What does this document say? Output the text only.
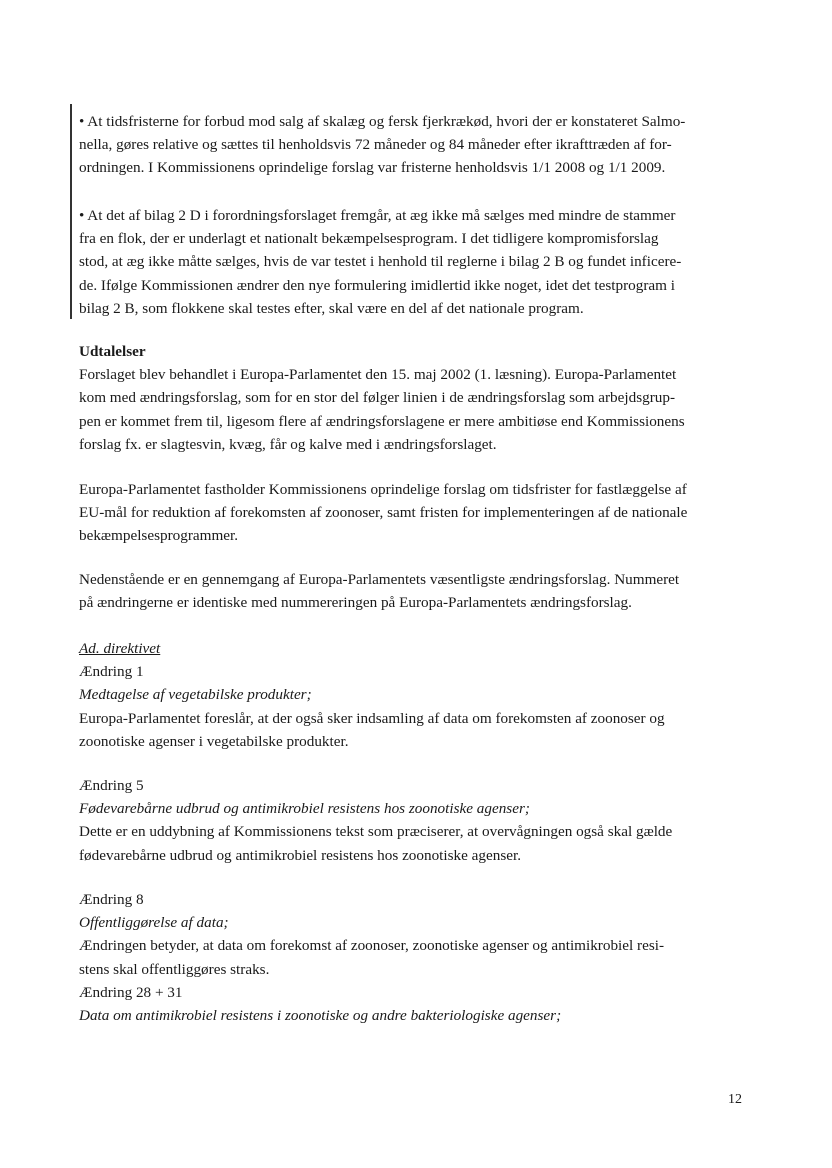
• At tidsfristerne for forbud mod salg af skalæg og fersk fjerkrækød, hvori der er konstateret Salmo-
nella, gøres relative og sættes til henholdsvis 72 måneder og 84 måneder efter ikrafttræden af for-
ordningen. I Kommissionens oprindelige forslag var fristerne henholdsvis 1/1 2008 og 1/1 2009.
• At det af bilag 2 D i forordningsforslaget fremgår, at æg ikke må sælges med mindre de stammer
fra en flok, der er underlagt et nationalt bekæmpelsesprogram. I det tidligere kompromisforslag
stod, at æg ikke måtte sælges, hvis de var testet i henhold til reglerne i bilag 2 B og fundet inficere-
de. Ifølge Kommissionen ændrer den nye formulering imidlertid ikke noget, idet det testprogram i
bilag 2 B, som flokkene skal testes efter, skal være en del af det nationale program.
Udtalelser
Forslaget blev behandlet i Europa-Parlamentet den 15. maj 2002 (1. læsning). Europa-Parlamentet
kom med ændringsforslag, som for en stor del følger linien i de ændringsforslag som arbejdsgrup-
pen er kommet frem til, ligesom flere af ændringsforslagene er mere ambitiøse end Kommissionens
forslag fx. er slagtesvin, kvæg, får og kalve med i ændringsforslaget.
Europa-Parlamentet fastholder Kommissionens oprindelige forslag om tidsfrister for fastlæggelse af
EU-mål for reduktion af forekomsten af zoonoser, samt fristen for implementeringen af de nationale
bekæmpelsesprogrammer.
Nedenstående er en gennemgang af Europa-Parlamentets væsentligste ændringsforslag. Nummeret
på ændringerne er identiske med nummereringen på Europa-Parlamentets ændringsforslag.
Ad. direktivet
Ændring 1
Medtagelse af vegetabilske produkter;
Europa-Parlamentet foreslår, at der også sker indsamling af data om forekomsten af zoonoser og
zoonotiske agenser i vegetabilske produkter.
Ændring 5
Fødevarebårne udbrud og antimikrobiel resistens hos zoonotiske agenser;
Dette er en uddybning af Kommissionens tekst som præciserer, at overvågningen også skal gælde
fødevarebårne udbrud og antimikrobiel resistens hos zoonotiske agenser.
Ændring 8
Offentliggørelse af data;
Ændringen betyder, at data om forekomst af zoonoser, zoonotiske agenser og antimikrobiel resi-
stens skal offentliggøres straks.
Ændring 28 + 31
Data om antimikrobiel resistens i zoonotiske og andre bakteriologiske agenser;
12
